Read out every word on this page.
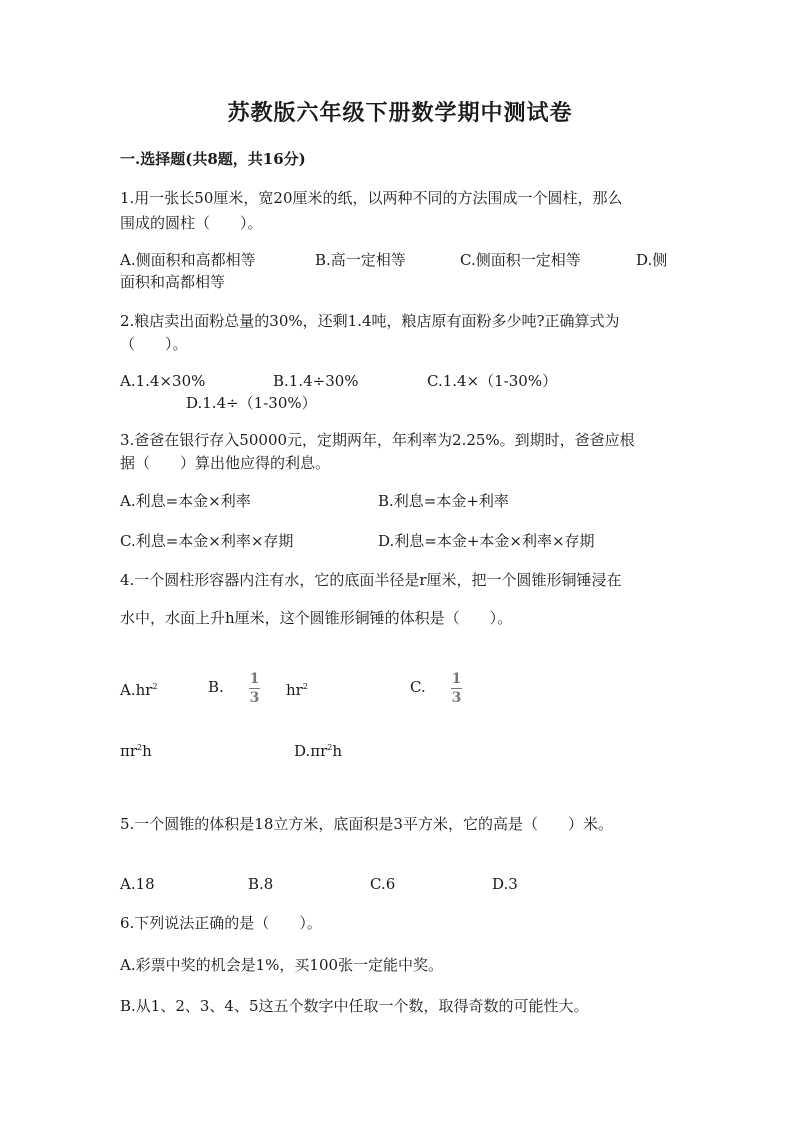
苏教版六年级下册数学期中测试卷
一.选择题(共8题，共16分)
1.用一张长50厘米，宽20厘米的纸，以两种不同的方法围成一个圆柱，那么
围成的圆柱（　　）。
A.侧面积和高都相等	B.高一定相等	C.侧面积一定相等	D.侧
面积和高都相等
2.粮店卖出面粉总量的30%，还剩1.4吨，粮店原有面粉多少吨?正确算式为
（　　）。
A.1.4×30%	B.1.4÷30%	C.1.4×（1-30%）
D.1.4÷（1-30%）
3.爸爸在银行存入50000元，定期两年，年利率为2.25%。到期时，爸爸应根
据（　　）算出他应得的利息。
A.利息=本金×利率	B.利息=本金+利率
C.利息=本金×利率×存期	D.利息=本金+本金×利率×存期
4.一个圆柱形容器内注有水，它的底面半径是r厘米，把一个圆锥形铜锤浸在
水中，水面上升h厘米，这个圆锥形铜锤的体积是（　　）。
$A.hr^2$	B. $\frac{1}{3} hr^2$	C. $\frac{1}{3}$
$\pi r^2h$	$D.\pi r^2h$
5.一个圆锥的体积是18立方米，底面积是3平方米，它的高是（　　）米。
A.18	B.8	C.6	D.3
6.下列说法正确的是（　　）。
A.彩票中奖的机会是1%，买100张一定能中奖。
B.从1、2、3、4、5这五个数字中任取一个数，取得奇数的可能性大。
